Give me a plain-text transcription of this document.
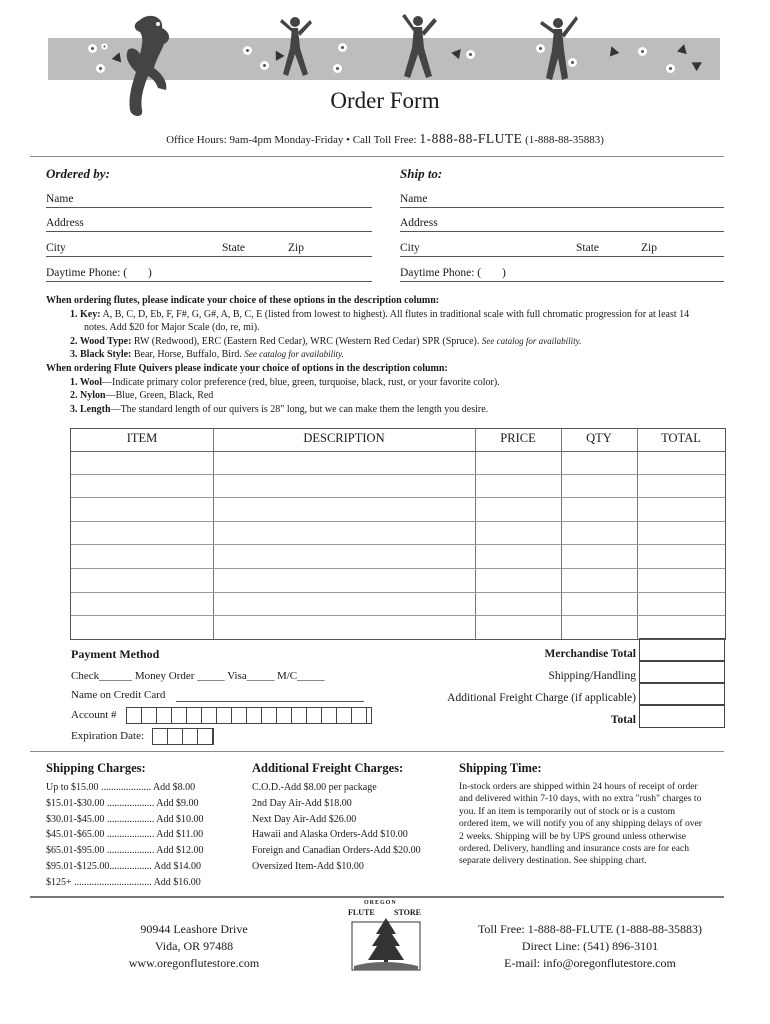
Order Form
Office Hours: 9am-4pm Monday-Friday • Call Toll Free: 1-888-88-FLUTE (1-888-88-35883)
Ordered by:
Name
Address
City	State	Zip
Daytime Phone: ( )
Ship to:
Name
Address
City	State	Zip
Daytime Phone: ( )
When ordering flutes, please indicate your choice of these options in the description column:
1. Key: A, B, C, D, Eb, F, F#, G, G#, A, B, C, E (listed from lowest to highest). All flutes in traditional scale with full chromatic progression for at least 14
notes. Add $20 for Major Scale (do, re, mi).
2. Wood Type: RW (Redwood), ERC (Eastern Red Cedar), WRC (Western Red Cedar) SPR (Spruce). See catalog for availability.
3. Black Style: Bear, Horse, Buffalo, Bird. See catalog for availability.
When ordering Flute Quivers please indicate your choice of options in the description column:
1. Wool—Indicate primary color preference (red, blue, green, turquoise, black, rust, or your favorite color).
2. Nylon—Blue, Green, Black, Red
3. Length—The standard length of our quivers is 28" long, but we can make them the length you desire.
ITEM	DESCRIPTION	PRICE	QTY	TOTAL
Payment Method
Check______ Money Order _____ Visa_____ M/C_____
Name on Credit Card
Account #
Expiration Date:
Merchandise Total
Shipping/Handling
Additional Freight Charge (if applicable)
Total
Shipping Charges:
Up to $15.00 .................... Add $8.00
$15.01-$30.00 ................... Add $9.00
$30.01-$45.00 ................... Add $10.00
$45.01-$65.00 ................... Add $11.00
$65.01-$95.00 ................... Add $12.00
$95.01-$125.00................. Add $14.00
$125+ ............................... Add $16.00
Additional Freight Charges:
C.O.D.-Add $8.00 per package
2nd Day Air-Add $18.00
Next Day Air-Add $26.00
Hawaii and Alaska Orders-Add $10.00
Foreign and Canadian Orders-Add $20.00
Oversized Item-Add $10.00
Shipping Time:
In-stock orders are shipped within 24 hours of receipt of order
and delivered within 7-10 days, with no extra "rush" charges to
you. If an item is temporarily out of stock or is a custom
ordered item, we will notify you of any shipping delays of over
2 weeks. Shipping will be by UPS ground unless otherwise
ordered. Delivery, handling and insurance costs are for each
separate delivery destination. See shipping chart.
90944 Leashore Drive
Vida, OR 97488
www.oregonflutestore.com
OREGON
FLUTE STORE
Toll Free: 1-888-88-FLUTE (1-888-88-35883)
Direct Line: (541) 896-3101
E-mail: info@oregonflutestore.com
